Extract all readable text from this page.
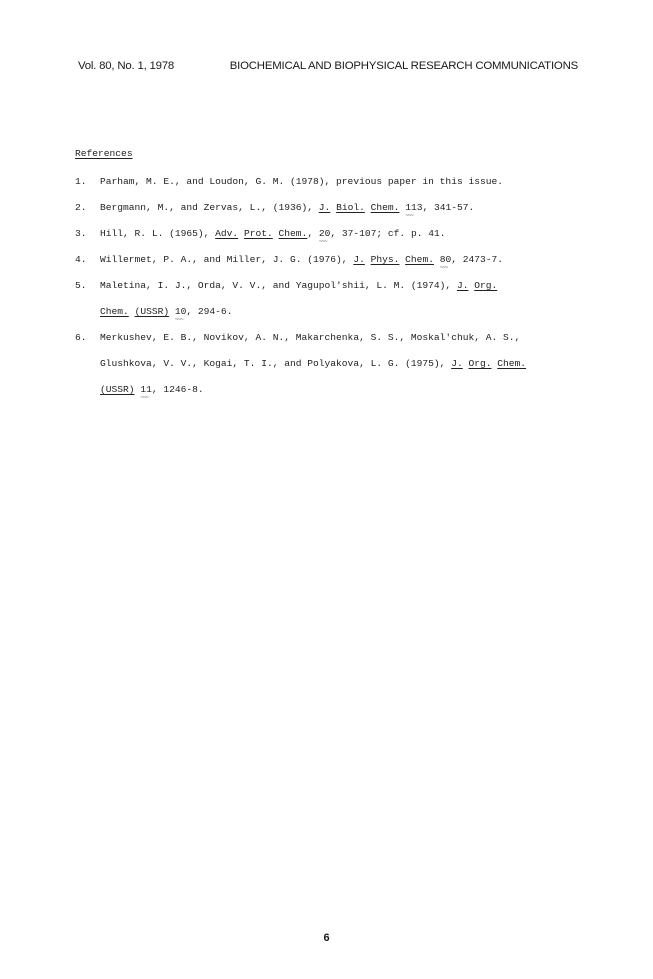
Vol. 80, No. 1, 1978	BIOCHEMICAL AND BIOPHYSICAL RESEARCH COMMUNICATIONS
References
1. Parham, M. E., and Loudon, G. M. (1978), previous paper in this issue.
2. Bergmann, M., and Zervas, L., (1936), J. Biol. Chem. 113 ~~~, 341-57.
3. Hill, R. L. (1965), Adv. Prot. Chem., 20 ~~~, 37-107; cf. p. 41.
4. Willermet, P. A., and Miller, J. G. (1976), J. Phys. Chem. 80 ~~~, 2473-7.
5. Maletina, I. J., Orda, V. V., and Yagupol'shii, L. M. (1974), J. Org.
Chem. (USSR) 10 ~~~, 294-6.
6. Merkushev, E. B., Novikov, A. N., Makarchenka, S. S., Moskal'chuk, A. S.,
Glushkova, V. V., Kogai, T. I., and Polyakova, L. G. (1975), J. Org. Chem.
(USSR) 11 ~~~, 1246-8.
6
